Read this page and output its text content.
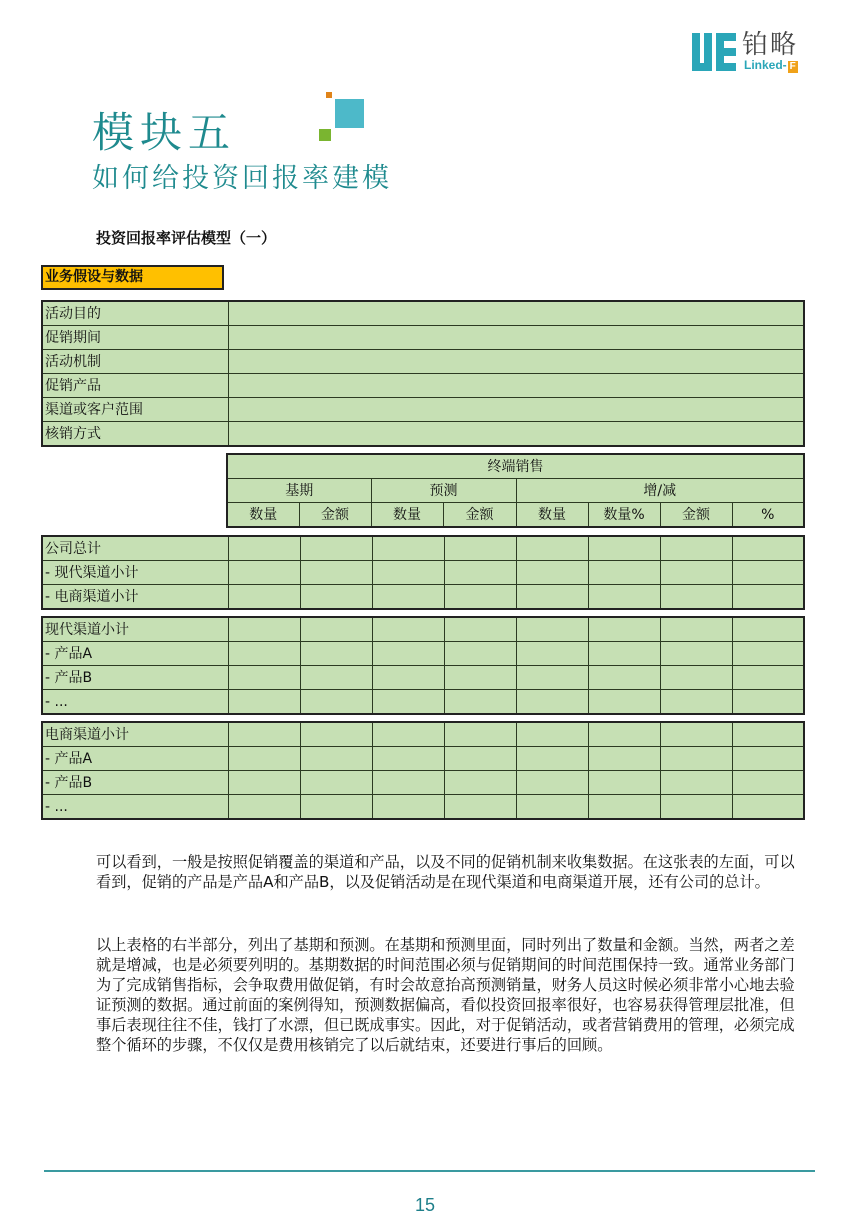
铂略
Linked- F
模块五
如何给投资回报率建模
投资回报率评估模型（一）
业务假设与数据
活动目的	
促销期间	
活动机制	
促销产品	
渠道或客户范围	
核销方式	
终端销售							
基期		预测		增/减			
数量	金额	数量	金额	数量	数量%	金额	%
公司总计								
- 现代渠道小计								
- 电商渠道小计								
现代渠道小计								
- 产品A								
- 产品B								
- ...								
电商渠道小计								
- 产品A								
- 产品B								
- ...								

可以看到，一般是按照促销覆盖的渠道和产品，以及不同的促销机制来收集数据。在这张表的左面，可以看到，促销的产品是产品A和产品B，以及促销活动是在现代渠道和电商渠道开展，还有公司的总计。

以上表格的右半部分，列出了基期和预测。在基期和预测里面，同时列出了数量和金额。当然，两者之差就是增减，也是必须要列明的。基期数据的时间范围必须与促销期间的时间范围保持一致。通常业务部门为了完成销售指标，会争取费用做促销，有时会故意抬高预测销量，财务人员这时候必须非常小心地去验证预测的数据。通过前面的案例得知，预测数据偏高，看似投资回报率很好，也容易获得管理层批准，但事后表现往往不佳，钱打了水漂，但已既成事实。因此，对于促销活动，或者营销费用的管理，必须完成整个循环的步骤，不仅仅是费用核销完了以后就结束，还要进行事后的回顾。

15
